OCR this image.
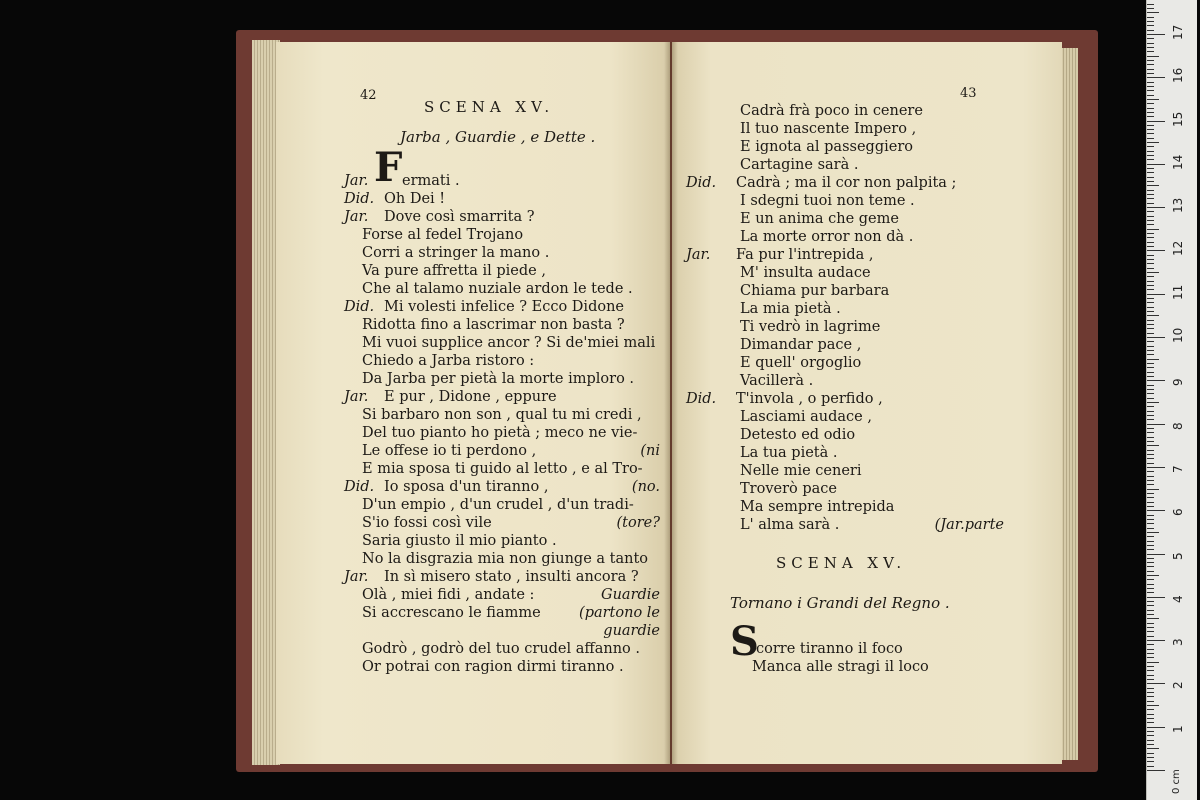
42
SCENA XV.
Jarba , Guardie , e Dette .
F
Jar. ermati .
Did. Oh Dei !
Jar. Dove così smarrita ?
Forse al fedel Trojano
Corri a stringer la mano .
Va pure affretta il piede ,
Che al talamo nuziale ardon le tede .
Did. Mi volesti infelice ? Ecco Didone
Ridotta fino a lascrimar non basta ?
Mi vuoi supplice ancor ? Si de'miei mali
Chiedo a Jarba ristoro :
Da Jarba per pietà la morte imploro .
Jar. E pur , Didone , eppure
Si barbaro non son , qual tu mi credi ,
Del tuo pianto ho pietà ; meco ne vie-
Le offese io ti perdono ,	(ni
E mia sposa ti guido al letto , e al Tro-
Did. Io sposa d'un tiranno ,	(no.
D'un empio , d'un crudel , d'un tradi-
S'io fossi così vile	(tore?
Saria giusto il mio pianto .
No la disgrazia mia non giunge a tanto
Jar. In sì misero stato , insulti ancora ?
Olà , miei fidi , andate :	Guardie
Si accrescano le fiamme	(partono le
guardie
Godrò , godrò del tuo crudel affanno .
Or potrai con ragion dirmi tiranno .
43
SCENA XV.
Tornano i Grandi del Regno .
S
corre tiranno il foco
Manca alle stragi il loco
Cadrà frà poco in cenere
Il tuo nascente Impero ,
E ignota al passeggiero
Cartagine sarà .
Did. Cadrà ; ma il cor non palpita ;
I sdegni tuoi non teme .
E un anima che geme
La morte orror non dà .
Jar. Fa pur l'intrepida ,
M' insulta audace
Chiama pur barbara
La mia pietà .
Ti vedrò in lagrime
Dimandar pace ,
E quell' orgoglio
Vacillerà .
Did. T'invola , o perfido ,
Lasciami audace ,
Detesto ed odio
La tua pietà .
Nelle mie ceneri
Troverò pace
Ma sempre intrepida
L' alma sarà .	(Jar.parte
17
16
15
14
13
12
11
10
9
8
7
6
5
4
3
2
1
0 cm
